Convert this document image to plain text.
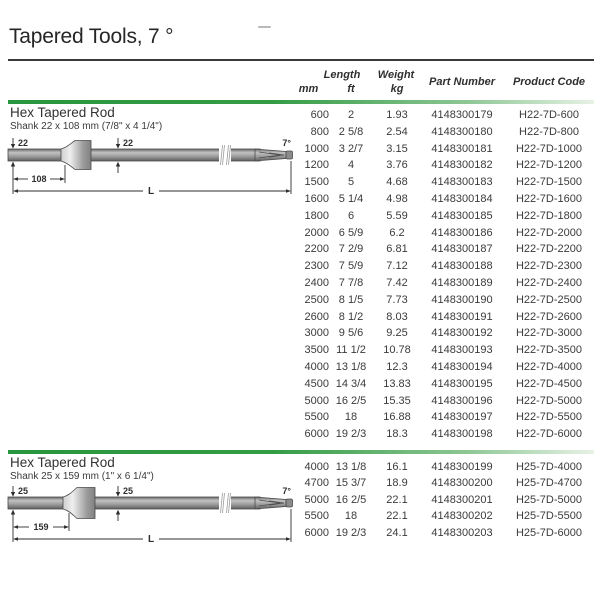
Tapered Tools, 7 °
Length	Weight
mm	ft	kg
Part Number	Product Code
Hex Tapered Rod
Shank 22 x 108 mm (7/8" x 4 1/4")
22	22	7°
108
L
600	2	1.93	4148300179	H22-7D-600
800 2 5/8	2.54	4148300180	H22-7D-800
1000 3 2/7	3.15	4148300181	H22-7D-1000
1200	4	3.76	4148300182	H22-7D-1200
1500	5	4.68	4148300183	H22-7D-1500
1600 5 1/4	4.98	4148300184	H22-7D-1600
1800	6	5.59	4148300185	H22-7D-1800
2000 6 5/9	6.2	4148300186	H22-7D-2000
2200 7 2/9	6.81	4148300187	H22-7D-2200
2300 7 5/9	7.12	4148300188	H22-7D-2300
2400 7 7/8	7.42	4148300189	H22-7D-2400
2500 8 1/5	7.73	4148300190	H22-7D-2500
2600 8 1/2	8.03	4148300191	H22-7D-2600
3000 9 5/6	9.25	4148300192	H22-7D-3000
3500 11 1/2	10.78	4148300193	H22-7D-3500
4000 13 1/8	12.3	4148300194	H22-7D-4000
4500 14 3/4	13.83	4148300195	H22-7D-4500
5000 16 2/5	15.35	4148300196	H22-7D-5000
5500	18	16.88	4148300197	H22-7D-5500
6000 19 2/3	18.3	4148300198	H22-7D-6000
Hex Tapered Rod
Shank 25 x 159 mm (1" x 6 1/4")
25	25	7°
159
L
4000 13 1/8	16.1	4148300199	H25-7D-4000
4700 15 3/7	18.9	4148300200	H25-7D-4700
5000 16 2/5	22.1	4148300201	H25-7D-5000
5500	18	22.1	4148300202	H25-7D-5500
6000 19 2/3	24.1	4148300203	H25-7D-6000
